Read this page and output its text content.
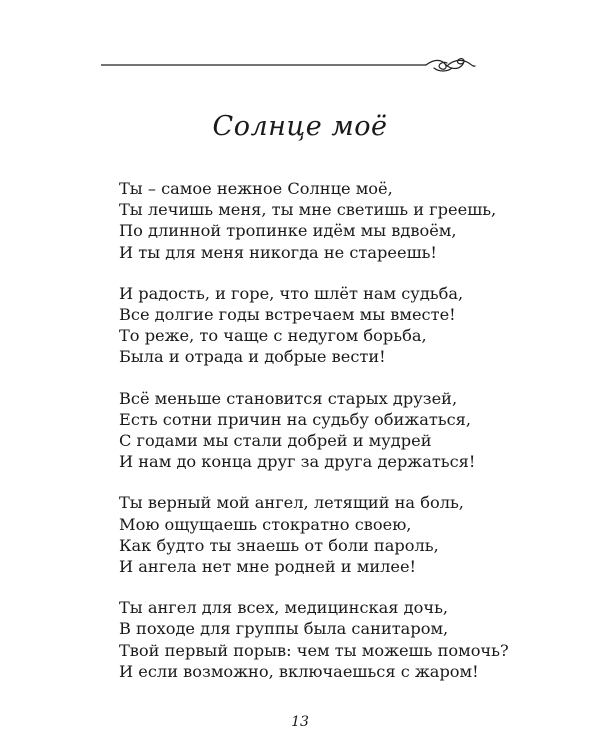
Солнце моё
Ты – самое нежное Солнце моё,
Ты лечишь меня, ты мне светишь и греешь,
По длинной тропинке идём мы вдвоём,
И ты для меня никогда не стареешь!
И радость, и горе, что шлёт нам судьба,
Все долгие годы встречаем мы вместе!
То реже, то чаще с недугом борьба,
Была и отрада и добрые вести!
Всё меньше становится старых друзей,
Есть сотни причин на судьбу обижаться,
С годами мы стали добрей и мудрей
И нам до конца друг за друга держаться!
Ты верный мой ангел, летящий на боль,
Мою ощущаешь стократно своею,
Как будто ты знаешь от боли пароль,
И ангела нет мне родней и милее!
Ты ангел для всех, медицинская дочь,
В походе для группы была санитаром,
Твой первый порыв: чем ты можешь помочь?
И если возможно, включаешься с жаром!
13
